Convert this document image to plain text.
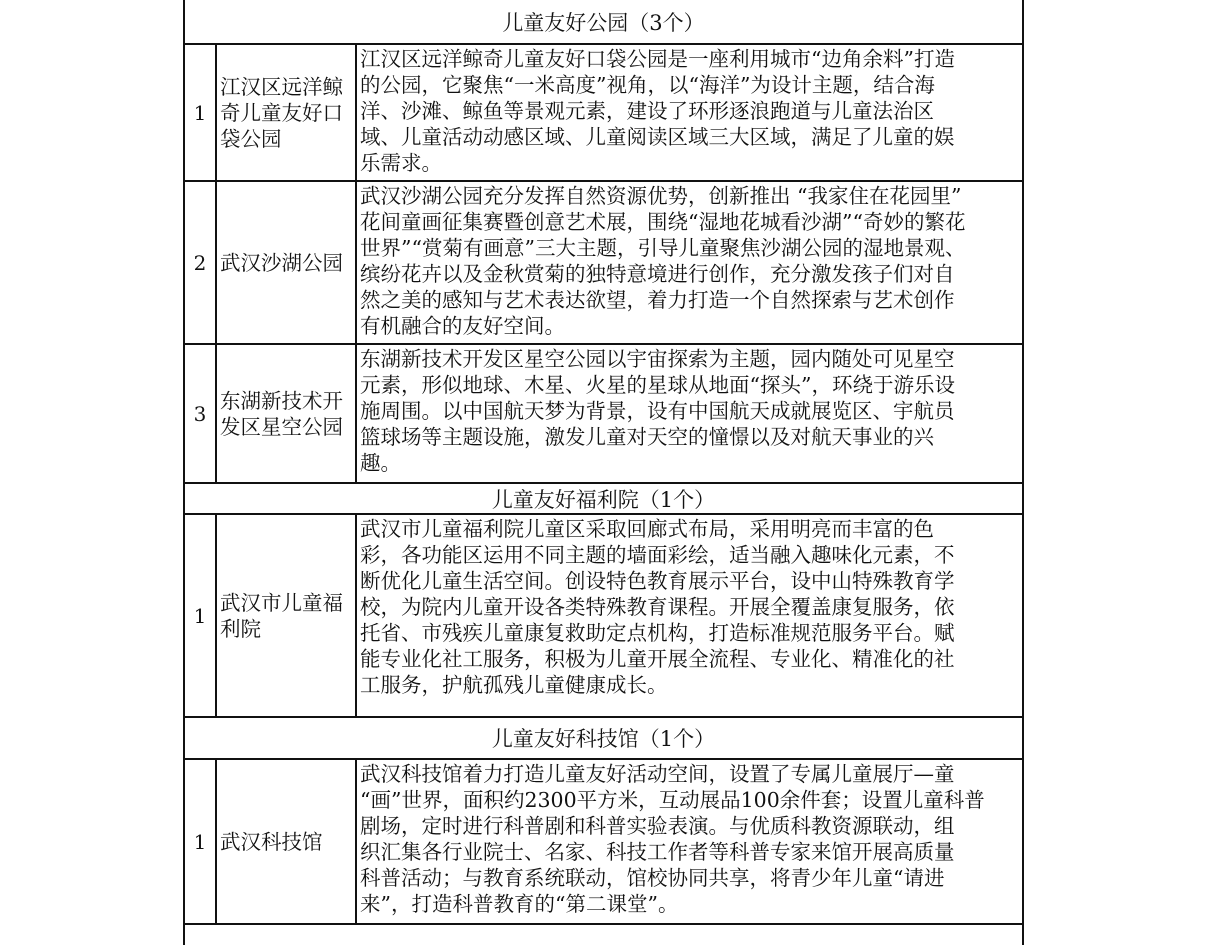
儿童友好公园（3个）
1
江汉区远洋鲸
奇儿童友好口
袋公园
江汉区远洋鲸奇儿童友好口袋公园是一座利用城市“边角余料”打造
的公园，它聚焦“一米高度”视角，以“海洋”为设计主题，结合海
洋、沙滩、鲸鱼等景观元素，建设了环形逐浪跑道与儿童法治区
域、儿童活动动感区域、儿童阅读区域三大区域，满足了儿童的娱
乐需求。
2 武汉沙湖公园
武汉沙湖公园充分发挥自然资源优势，创新推出 “我家住在花园里”
花间童画征集赛暨创意艺术展，围绕“湿地花城看沙湖”“奇妙的繁花
世界”“赏菊有画意”三大主题，引导儿童聚焦沙湖公园的湿地景观、
缤纷花卉以及金秋赏菊的独特意境进行创作，充分激发孩子们对自
然之美的感知与艺术表达欲望，着力打造一个自然探索与艺术创作
有机融合的友好空间。
3
东湖新技术开
发区星空公园
东湖新技术开发区星空公园以宇宙探索为主题，园内随处可见星空
元素，形似地球、木星、火星的星球从地面“探头”，环绕于游乐设
施周围。以中国航天梦为背景，设有中国航天成就展览区、宇航员
篮球场等主题设施，激发儿童对天空的憧憬以及对航天事业的兴
趣。
儿童友好福利院（1个）
1
武汉市儿童福
利院
武汉市儿童福利院儿童区采取回廊式布局，采用明亮而丰富的色
彩，各功能区运用不同主题的墙面彩绘，适当融入趣味化元素，不
断优化儿童生活空间。创设特色教育展示平台，设中山特殊教育学
校，为院内儿童开设各类特殊教育课程。开展全覆盖康复服务，依
托省、市残疾儿童康复救助定点机构，打造标准规范服务平台。赋
能专业化社工服务，积极为儿童开展全流程、专业化、精准化的社
工服务，护航孤残儿童健康成长。
儿童友好科技馆（1个）
1 武汉科技馆
武汉科技馆着力打造儿童友好活动空间，设置了专属儿童展厅—童
“画”世界，面积约2300平方米，互动展品100余件套；设置儿童科普
剧场，定时进行科普剧和科普实验表演。与优质科教资源联动，组
织汇集各行业院士、名家、科技工作者等科普专家来馆开展高质量
科普活动；与教育系统联动，馆校协同共享，将青少年儿童“请进
来”，打造科普教育的“第二课堂”。
